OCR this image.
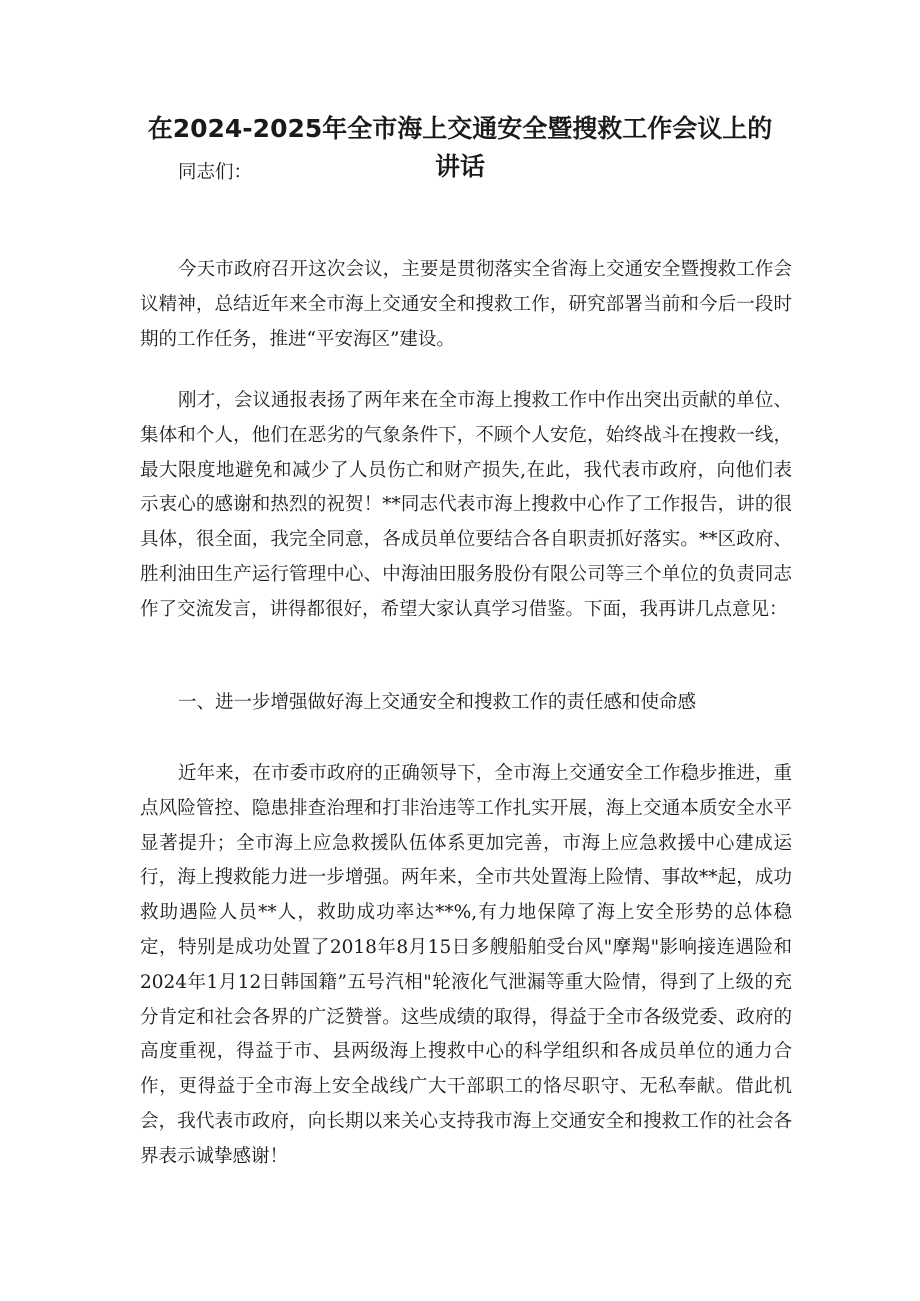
在2024-2025年全市海上交通安全暨搜救工作会议上的讲话

同志们：

今天市政府召开这次会议，主要是贯彻落实全省海上交通安全暨搜救工作会议精神，总结近年来全市海上交通安全和搜救工作，研究部署当前和今后一段时期的工作任务，推进“平安海区”建设。

刚才，会议通报表扬了两年来在全市海上搜救工作中作出突出贡献的单位、集体和个人，他们在恶劣的气象条件下，不顾个人安危，始终战斗在搜救一线，最大限度地避免和减少了人员伤亡和财产损失,在此，我代表市政府，向他们表示衷心的感谢和热烈的祝贺！**同志代表市海上搜救中心作了工作报告，讲的很具体，很全面，我完全同意，各成员单位要结合各自职责抓好落实。**区政府、胜利油田生产运行管理中心、中海油田服务股份有限公司等三个单位的负责同志作了交流发言，讲得都很好，希望大家认真学习借鉴。下面，我再讲几点意见：

一、进一步增强做好海上交通安全和搜救工作的责任感和使命感

近年来，在市委市政府的正确领导下，全市海上交通安全工作稳步推进，重点风险管控、隐患排查治理和打非治违等工作扎实开展，海上交通本质安全水平显著提升；全市海上应急救援队伍体系更加完善，市海上应急救援中心建成运行，海上搜救能力进一步增强。两年来，全市共处置海上险情、事故**起，成功救助遇险人员**人，救助成功率达**%,有力地保障了海上安全形势的总体稳定，特别是成功处置了2018年8月15日多艘船舶受台风"摩羯"影响接连遇险和2024年1月12日韩国籍”五号汽相"轮液化气泄漏等重大险情，得到了上级的充分肯定和社会各界的广泛赞誉。这些成绩的取得，得益于全市各级党委、政府的高度重视，得益于市、县两级海上搜救中心的科学组织和各成员单位的通力合作，更得益于全市海上安全战线广大干部职工的恪尽职守、无私奉献。借此机会，我代表市政府，向长期以来关心支持我市海上交通安全和搜救工作的社会各界表示诚挚感谢！
